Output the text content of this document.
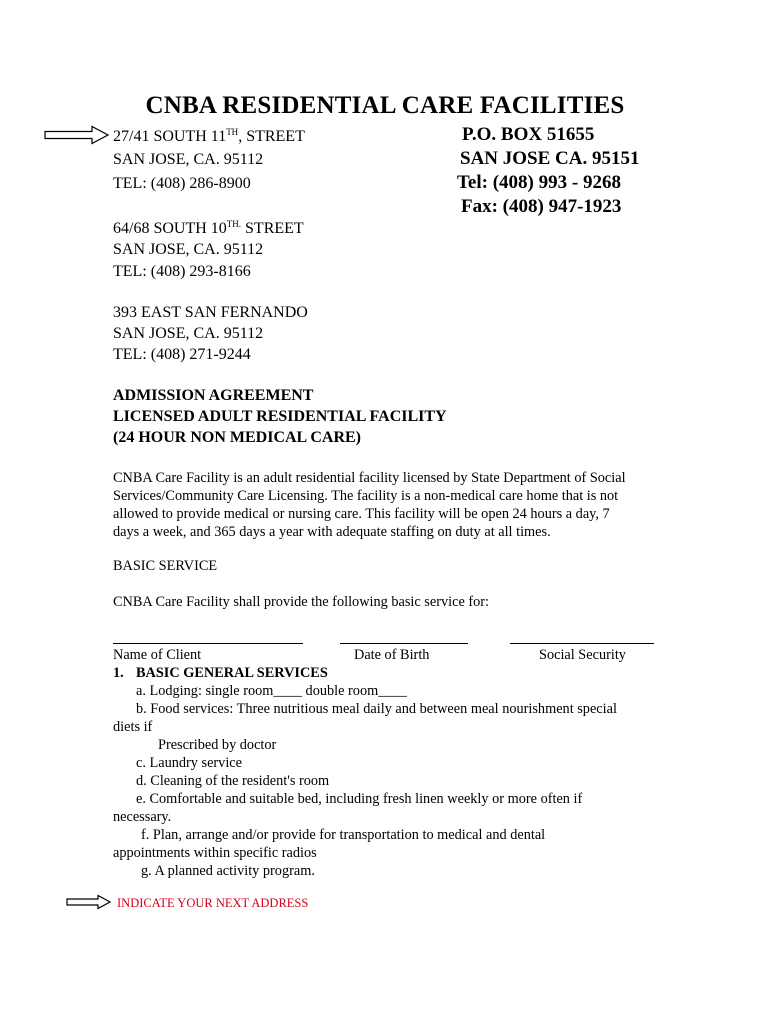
CNBA RESIDENTIAL CARE FACILITIES
27/41 SOUTH 11TH, STREET
SAN JOSE, CA. 95112
TEL: (408) 286-8900
P.O. BOX 51655
SAN JOSE CA. 95151
Tel: (408) 993 - 9268
Fax: (408) 947-1923
64/68 SOUTH $10^{TH.}$ STREET
SAN JOSE, CA. 95112
TEL: (408) 293-8166
393 EAST SAN FERNANDO
SAN JOSE, CA. 95112
TEL: (408) 271-9244
ADMISSION AGREEMENT
LICENSED ADULT RESIDENTIAL FACILITY
(24 HOUR NON MEDICAL CARE)
CNBA Care Facility is an adult residential facility licensed by State Department of Social
Services/Community Care Licensing. The facility is a non-medical care home that is not
allowed to provide medical or nursing care. This facility will be open 24 hours a day, 7
days a week, and 365 days a year with adequate staffing on duty at all times.
BASIC SERVICE
CNBA Care Facility shall provide the following basic service for:
Name of Client	Date of Birth	Social Security
1. BASIC GENERAL SERVICES
a. Lodging: single room____ double room____
b. Food services: Three nutritious meal daily and between meal nourishment special
diets if
Prescribed by doctor
c. Laundry service
d. Cleaning of the resident's room
e. Comfortable and suitable bed, including fresh linen weekly or more often if
necessary.
f. Plan, arrange and/or provide for transportation to medical and dental
appointments within specific radios
g. A planned activity program.
INDICATE YOUR NEXT ADDRESS
